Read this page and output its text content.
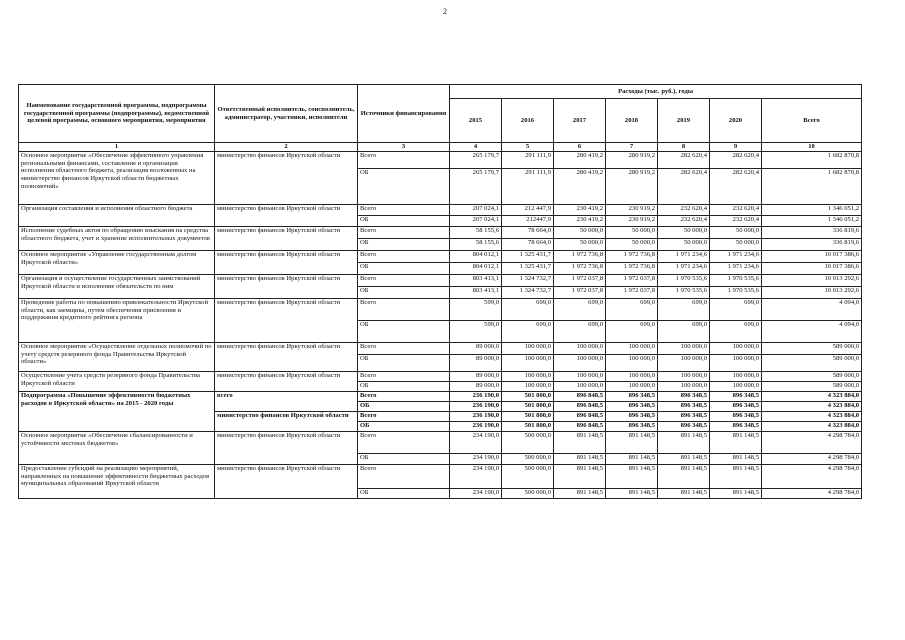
2
Наименование государственной программы, подпрограммы государственной программы (подпрограммы), ведомственной целевой программы, основного мероприятия, мероприятия	Ответственный исполнитель, соисполнитель, администратор, участники, исполнители	Источники финансирования	Расходы (тыс. руб.), годы						
			2015	2016	2017	2018	2019	2020	Всего
1	2	3	4	5	6	7	8	9	10
Основное мероприятие «Обеспечение эффективного управления региональными финансами, составление и организация исполнения областного бюджета, реализация возложенных на министерство финансов Иркутской области бюджетных полномочий»	министерство финансов Иркутской области	Всего	265 179,7	291 111,9	280 419,2	280 919,2	282 620,4	282 620,4	1 682 870,8
		ОБ	265 179,7	291 111,9	280 419,2	280 919,2	282 620,4	282 620,4	1 682 870,8
Организация составления и исполнения областного бюджета	министерство финансов Иркутской области	Всего	207 024,1	212 447,9	230 419,2	230 919,2	232 620,4	232 620,4	1 346 051,2
		ОБ	207 024,1	212447,9	230 419,2	230 919,2	232 620,4	232 620,4	1 346 051,2
Исполнение судебных актов по обращению взыскания на средства областного бюджета, учет и хранение исполнительных документов	министерство финансов Иркутской области	Всего	58 155,6	78 664,0	50 000,0	50 000,0	50 000,0	50 000,0	336 819,6
		ОБ	58 155,6	78 664,0	50 000,0	50 000,0	50 000,0	50 000,0	336 819,6
Основное мероприятие «Управление государственным долгом Иркутской области»	министерство финансов Иркутской области	Всего	804 012,1	1 325 431,7	1 972 736,8	1 972 736,8	1 971 234,6	1 971 234,6	10 017 386,6
		ОБ	804 012,1	1 325 431,7	1 972 736,8	1 972 736,8	1 971 234,6	1 971 234,6	10 017 386,6
Организация и осуществление государственных заимствований Иркутской области и исполнение обязательств по ним	министерство финансов Иркутской области	Всего	803 413,1	1 324 732,7	1 972 037,8	1 972 037,8	1 970 535,6	1 970 535,6	10 013 292,6
		ОБ	803 413,1	1 324 732,7	1 972 037,8	1 972 037,8	1 970 535,6	1 970 535,6	10 013 292,6
Проведение работы по повышению привлекательности Иркутской области, как заемщика, путем обеспечения присвоения и поддержания кредитного рейтинга региона	министерство финансов Иркутской области	Всего	599,0	699,0	699,0	699,0	699,0	699,0	4 094,0
		ОБ	599,0	699,0	699,0	699,0	699,0	699,0	4 094,0
Основное мероприятие «Осуществление отдельных полномочий по учету средств резервного фонда Правительства Иркутской области»	министерство финансов Иркутской области	Всего	89 000,0	100 000,0	100 000,0	100 000,0	100 000,0	100 000,0	589 000,0
		ОБ	89 000,0	100 000,0	100 000,0	100 000,0	100 000,0	100 000,0	589 000,0
Осуществление учета средств резервного фонда Правительства Иркутской области	министерство финансов Иркутской области	Всего	89 000,0	100 000,0	100 000,0	100 000,0	100 000,0	100 000,0	589 000,0
		ОБ	89 000,0	100 000,0	100 000,0	100 000,0	100 000,0	100 000,0	589 000,0
Подпрограмма «Повышение эффективности бюджетных расходов в Иркутской области» на 2015 - 2020 годы	всего	Всего	236 190,0	501 800,0	896 848,5	896 348,5	896 348,5	896 348,5	4 323 884,0
		ОБ	236 190,0	501 800,0	896 848,5	896 348,5	896 348,5	896 348,5	4 323 884,0
	министерство финансов Иркутской области	Всего	236 190,0	501 800,0	896 848,5	896 348,5	896 348,5	896 348,5	4 323 884,0
		ОБ	236 190,0	501 800,0	896 848,5	896 348,5	896 348,5	896 348,5	4 323 884,0
Основное мероприятие «Обеспечение сбалансированности и устойчивости местных бюджетов»	министерство финансов Иркутской области	Всего	234 190,0	500 000,0	891 148,5	891 148,5	891 148,5	891 148,5	4 298 784,0
		ОБ	234 190,0	500 000,0	891 148,5	891 148,5	891 148,5	891 148,5	4 298 784,0
Предоставление субсидий на реализацию мероприятий, направленных на повышение эффективности бюджетных расходов муниципальных образований Иркутской области	министерство финансов Иркутской области	Всего	234 190,0	500 000,0	891 148,5	891 148,5	891 148,5	891 148,5	4 298 784,0
		ОБ	234 190,0	500 000,0	891 148,5	891 148,5	891 148,5	891 148,5	4 298 784,0
